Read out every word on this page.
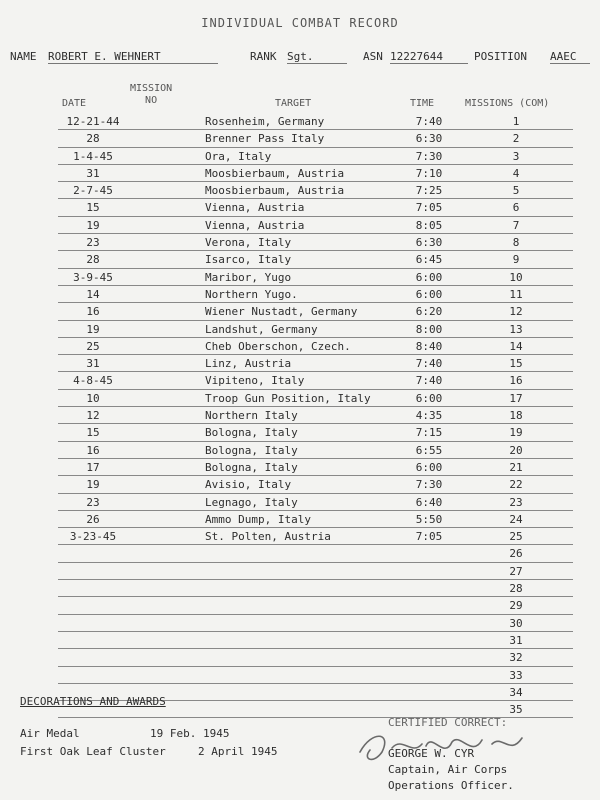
INDIVIDUAL COMBAT RECORD
NAME ROBERT E. WEHNERT	RANK Sgt.	ASN 12227644	POSITION AAEC
MISSION
NO
DATE	TARGET	TIME	MISSIONS (COM)
12-21-44	Rosenheim, Germany	7:40	1
28	Brenner Pass Italy	6:30	2
1-4-45	Ora, Italy	7:30	3
31	Moosbierbaum, Austria	7:10	4
2-7-45	Moosbierbaum, Austria	7:25	5
15	Vienna, Austria	7:05	6
19	Vienna, Austria	8:05	7
23	Verona, Italy	6:30	8
28	Isarco, Italy	6:45	9
3-9-45	Maribor, Yugo	6:00	10
14	Northern Yugo.	6:00	11
16	Wiener Nustadt, Germany	6:20	12
19	Landshut, Germany	8:00	13
25	Cheb Oberschon, Czech.	8:40	14
31	Linz, Austria	7:40	15
4-8-45	Vipiteno, Italy	7:40	16
10	Troop Gun Position, Italy	6:00	17
12	Northern Italy	4:35	18
15	Bologna, Italy	7:15	19
16	Bologna, Italy	6:55	20
17	Bologna, Italy	6:00	21
19	Avisio, Italy	7:30	22
23	Legnago, Italy	6:40	23
26	Ammo Dump, Italy	5:50	24
3-23-45	St. Polten, Austria	7:05	25
26
27
28
29
30
31
32
33
34
35
DECORATIONS AND AWARDS
Air Medal	19 Feb. 1945
First Oak Leaf Cluster	2 April 1945
CERTIFIED CORRECT:
GEORGE W. CYR
Captain, Air Corps
Operations Officer.
